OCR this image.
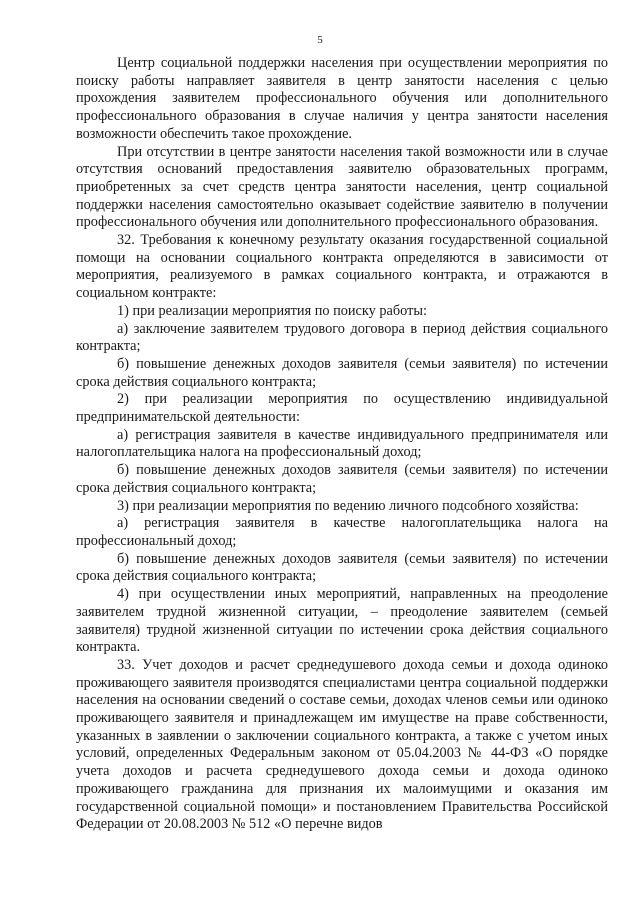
5

Центр социальной поддержки населения при осуществлении мероприятия по поиску работы направляет заявителя в центр занятости населения с целью прохождения заявителем профессионального обучения или дополнительного профессионального образования в случае наличия у центра занятости населения возможности обеспечить такое прохождение.

При отсутствии в центре занятости населения такой возможности или в случае отсутствия оснований предоставления заявителю образовательных программ, приобретенных за счет средств центра занятости населения, центр социальной поддержки населения самостоятельно оказывает содействие заявителю в получении профессионального обучения или дополнительного профессионального образования.

32. Требования к конечному результату оказания государственной социальной помощи на основании социального контракта определяются в зависимости от мероприятия, реализуемого в рамках социального контракта, и отражаются в социальном контракте:

1) при реализации мероприятия по поиску работы:

а) заключение заявителем трудового договора в период действия социального контракта;

б) повышение денежных доходов заявителя (семьи заявителя) по истечении срока действия социального контракта;

2) при реализации мероприятия по осуществлению индивидуальной предпринимательской деятельности:

а) регистрация заявителя в качестве индивидуального предпринимателя или налогоплательщика налога на профессиональный доход;

б) повышение денежных доходов заявителя (семьи заявителя) по истечении срока действия социального контракта;

3) при реализации мероприятия по ведению личного подсобного хозяйства:

а) регистрация заявителя в качестве налогоплательщика налога на профессиональный доход;

б) повышение денежных доходов заявителя (семьи заявителя) по истечении срока действия социального контракта;

4) при осуществлении иных мероприятий, направленных на преодоление заявителем трудной жизненной ситуации, – преодоление заявителем (семьей заявителя) трудной жизненной ситуации по истечении срока действия социального контракта.

33. Учет доходов и расчет среднедушевого дохода семьи и дохода одиноко проживающего заявителя производятся специалистами центра социальной поддержки населения на основании сведений о составе семьи, доходах членов семьи или одиноко проживающего заявителя и принадлежащем им имуществе на праве собственности, указанных в заявлении о заключении социального контракта, а также с учетом иных условий, определенных Федеральным законом от 05.04.2003 № 44-ФЗ «О порядке учета доходов и расчета среднедушевого дохода семьи и дохода одиноко проживающего гражданина для признания их малоимущими и оказания им государственной социальной помощи» и постановлением Правительства Российской Федерации от 20.08.2003 № 512 «О перечне видов
